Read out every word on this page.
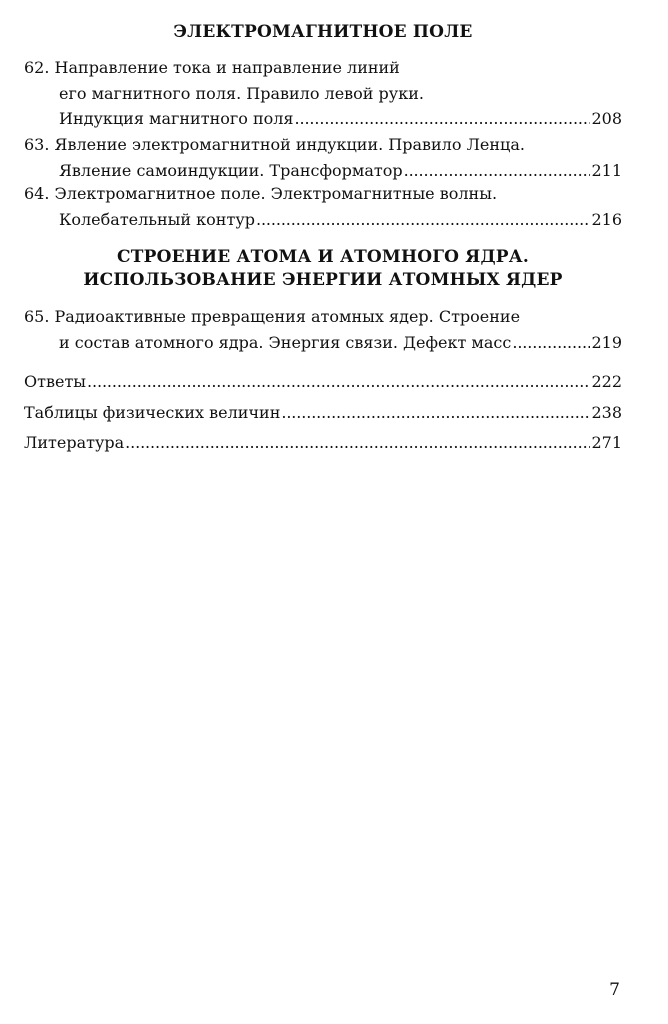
ЭЛЕКТРОМАГНИТНОЕ ПОЛЕ
62. Направление тока и направление линий
его магнитного поля. Правило левой руки.
Индукция магнитного поля . . .	208
63. Явление электромагнитной индукции. Правило Ленца.
Явление самоиндукции. Трансформатор . . .	211
64. Электромагнитное поле. Электромагнитные волны.
Колебательный контур . . .	216
СТРОЕНИЕ АТОМА И АТОМНОГО ЯДРА.
ИСПОЛЬЗОВАНИЕ ЭНЕРГИИ АТОМНЫХ ЯДЕР
65. Радиоактивные превращения атомных ядер. Строение
и состав атомного ядра. Энергия связи. Дефект масс . . .	219
Ответы . . .	222
Таблицы физических величин . . .	238
Литература . . .	271
7
